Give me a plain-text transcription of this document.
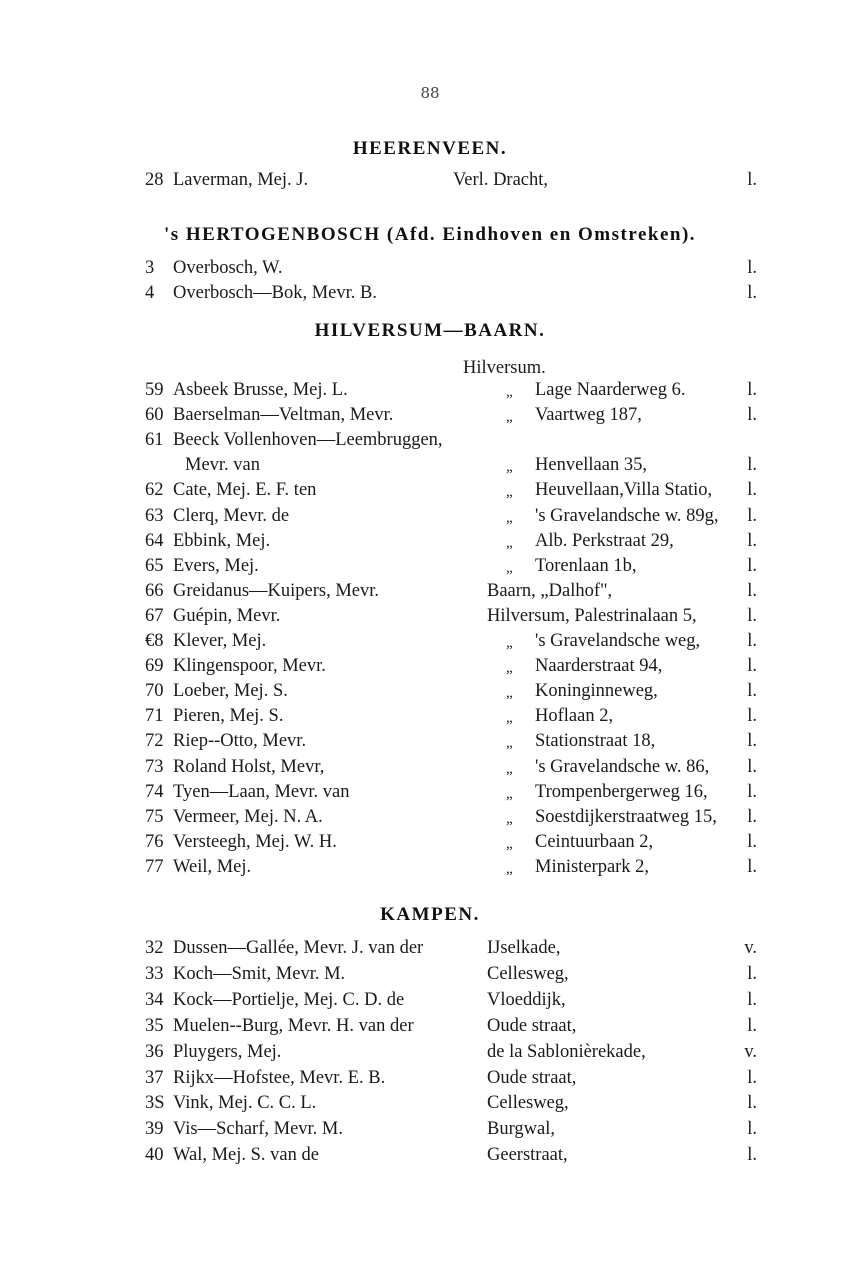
88
HEERENVEEN.
28 Laverman, Mej. J.	Verl. Dracht,	l.
's HERTOGENBOSCH (Afd. Eindhoven en Omstreken).
3 Overbosch, W.	l.
4 Overbosch—Bok, Mevr. B.	l.
HILVERSUM—BAARN.
Hilversum.
59 Asbeek Brusse, Mej. L.	„ Lage Naarderweg 6.	l.
60 Baerselman—Veltman, Mevr.	„ Vaartweg 187,	l.
61 Beeck Vollenhoven—Leembruggen,
Mevr. van	„ Henvellaan 35,	l.
62 Cate, Mej. E. F. ten	„ Heuvellaan,Villa Statio, l.
63 Clerq, Mevr. de	„ 's Gravelandsche w. 89g, l.
64 Ebbink, Mej.	„ Alb. Perkstraat 29,	l.
65 Evers, Mej.	„ Torenlaan 1b,	l.
66 Greidanus—Kuipers, Mevr.	Baarn, „Dalhof",	l.
67 Guépin, Mevr.	Hilversum, Palestrinalaan 5,	l.
€8 Klever, Mej.	„ 's Gravelandsche weg,	l.
69 Klingenspoor, Mevr.	„ Naarderstraat 94,	l.
70 Loeber, Mej. S.	„ Koninginneweg,	l.
71 Pieren, Mej. S.	„ Hoflaan 2,	l.
72 Riep--Otto, Mevr.	„ Stationstraat 18,	l.
73 Roland Holst, Mevr,	„ 's Gravelandsche w. 86, l.
74 Tyen—Laan, Mevr. van	„ Trompenbergerweg 16, l.
75 Vermeer, Mej. N. A.	„ Soestdijkerstraatweg 15, l.
76 Versteegh, Mej. W. H.	„ Ceintuurbaan 2,	l.
77 Weil, Mej.	„ Ministerpark 2,	l.
KAMPEN.
32 Dussen—Gallée, Mevr. J. van der	IJselkade,	v.
33 Koch—Smit, Mevr. M.	Cellesweg,	l.
34 Kock—Portielje, Mej. C. D. de	Vloeddijk,	l.
35 Muelen--Burg, Mevr. H. van der	Oude straat,	l.
36 Pluygers, Mej.	de la Sablonièrekade,	v.
37 Rijkx—Hofstee, Mevr. E. B.	Oude straat,	l.
3S Vink, Mej. C. C. L.	Cellesweg,	l.
39 Vis—Scharf, Mevr. M.	Burgwal,	l.
40 Wal, Mej. S. van de	Geerstraat,	l.
